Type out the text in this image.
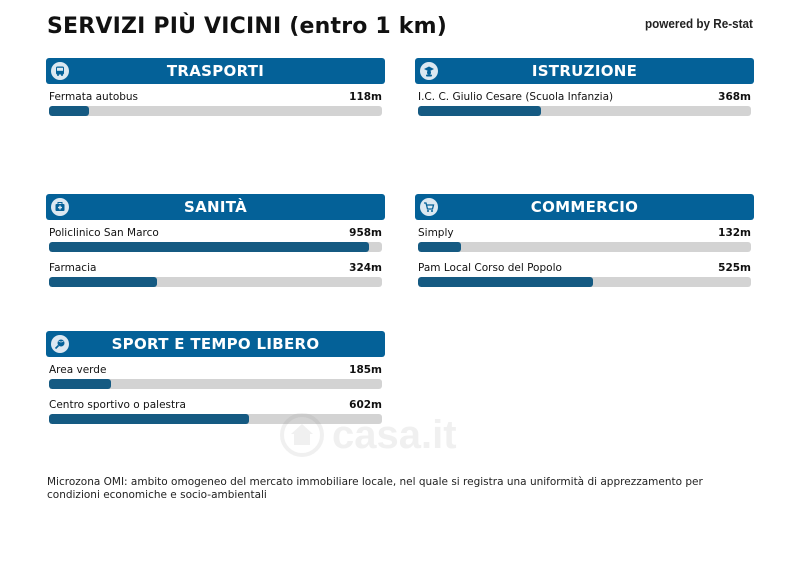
SERVIZI PIÙ VICINI (entro 1 km)	powered by Re-stat
TRASPORTI
Fermata autobus	118m
ISTRUZIONE
I.C. C. Giulio Cesare (Scuola Infanzia)	368m
SANITÀ
Policlinico San Marco	958m
Farmacia	324m
COMMERCIO
Simply	132m
Pam Local Corso del Popolo	525m
SPORT E TEMPO LIBERO
Area verde	185m
Centro sportivo o palestra	602m
casa.it
Microzona OMI: ambito omogeneo del mercato immobiliare locale, nel quale si registra una uniformità di apprezzamento per condizioni economiche e socio-ambientali
